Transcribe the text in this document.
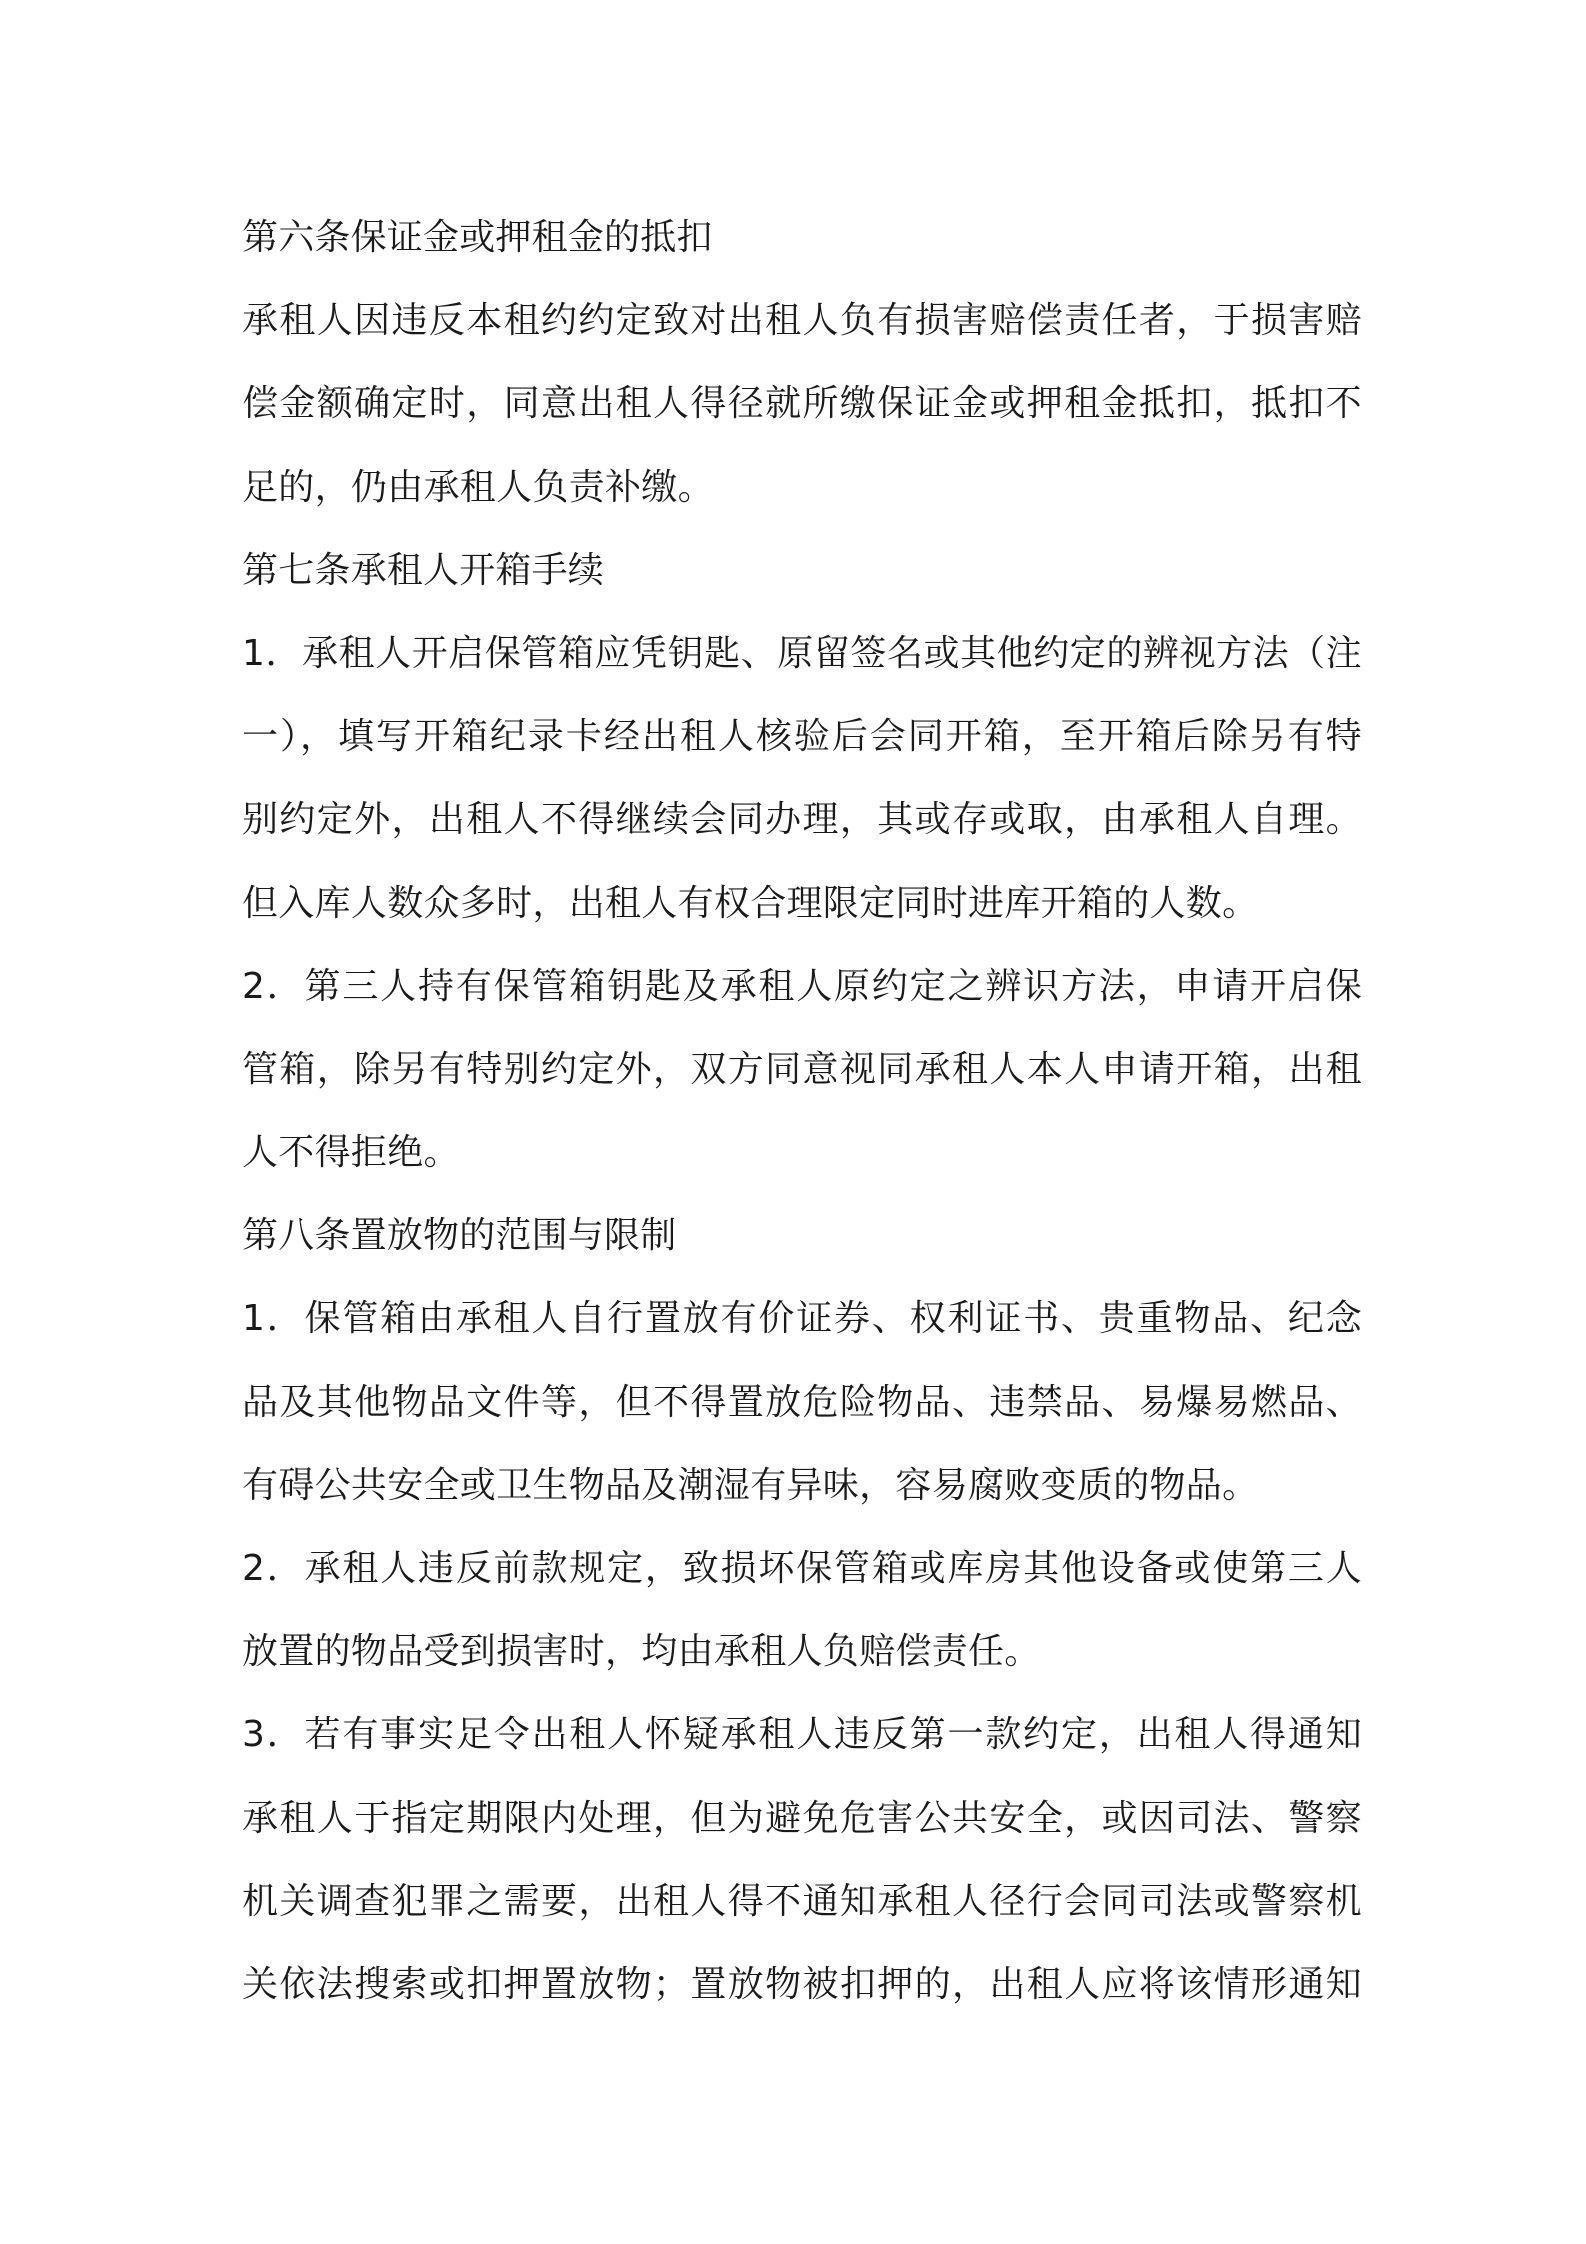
第六条保证金或押租金的抵扣
承租人因违反本租约约定致对出租人负有损害赔偿责任者，于损害赔
偿金额确定时，同意出租人得径就所缴保证金或押租金抵扣，抵扣不
足的，仍由承租人负责补缴。
第七条承租人开箱手续
1．承租人开启保管箱应凭钥匙、原留签名或其他约定的辨视方法（注
一），填写开箱纪录卡经出租人核验后会同开箱，至开箱后除另有特
别约定外，出租人不得继续会同办理，其或存或取，由承租人自理。
但入库人数众多时，出租人有权合理限定同时进库开箱的人数。
2．第三人持有保管箱钥匙及承租人原约定之辨识方法，申请开启保
管箱，除另有特别约定外，双方同意视同承租人本人申请开箱，出租
人不得拒绝。
第八条置放物的范围与限制
1．保管箱由承租人自行置放有价证券、权利证书、贵重物品、纪念
品及其他物品文件等，但不得置放危险物品、违禁品、易爆易燃品、
有碍公共安全或卫生物品及潮湿有异味，容易腐败变质的物品。
2．承租人违反前款规定，致损坏保管箱或库房其他设备或使第三人
放置的物品受到损害时，均由承租人负赔偿责任。
3．若有事实足令出租人怀疑承租人违反第一款约定，出租人得通知
承租人于指定期限内处理，但为避免危害公共安全，或因司法、警察
机关调查犯罪之需要，出租人得不通知承租人径行会同司法或警察机
关依法搜索或扣押置放物；置放物被扣押的，出租人应将该情形通知
